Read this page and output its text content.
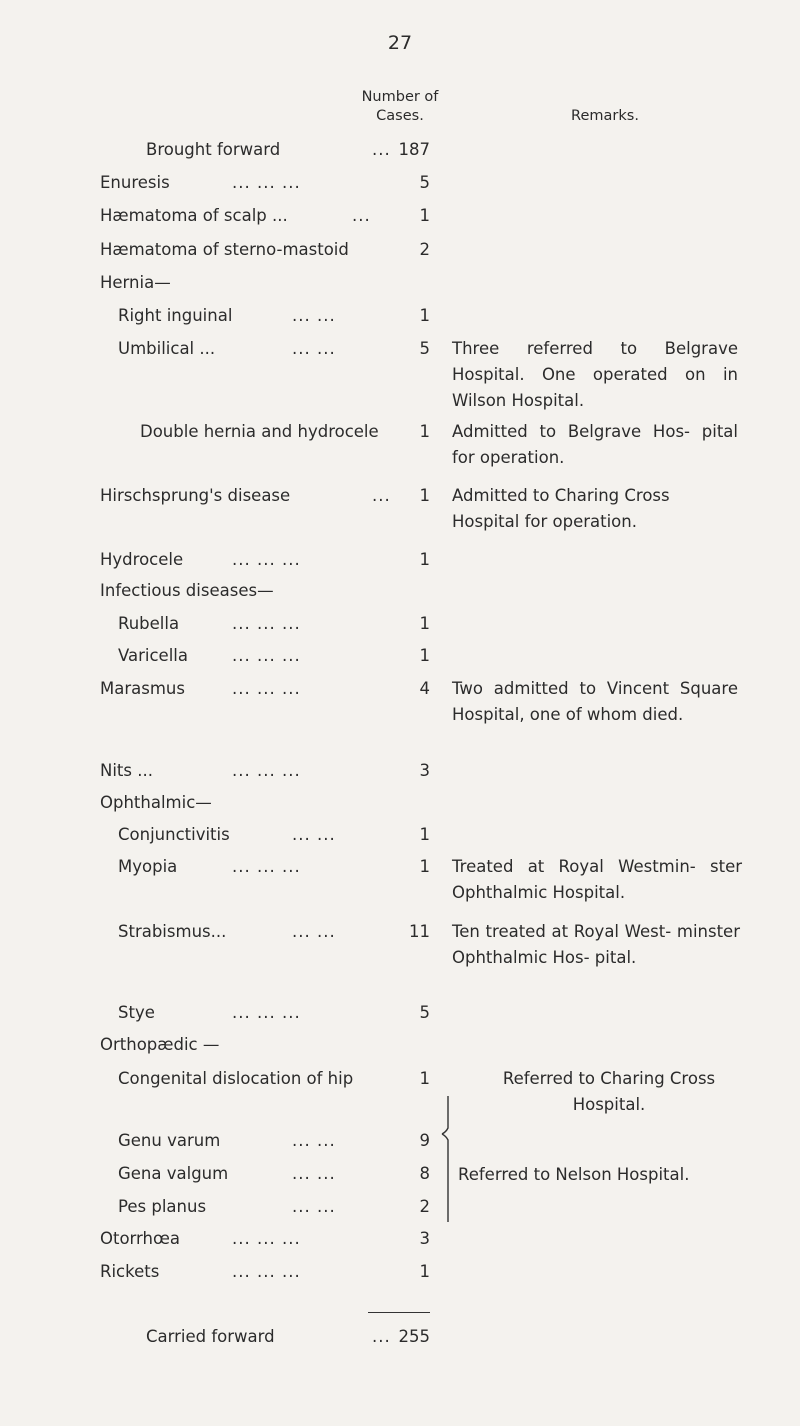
27
Number of
Cases.	Remarks.
Brought forward	... 187
Enuresis	... ... ...	5
Hæmatoma of scalp ...	...	1
Hæmatoma of sterno-mastoid	2
Hernia—
Right inguinal	... ...	1
Umbilical ...	... ...	5 Three referred to Belgrave Hospital. One operated on in Wilson Hospital.
Double hernia and hydrocele 1 Admitted to Belgrave Hos- pital for operation.
Hirschsprung's disease	... 1 Admitted to Charing Cross Hospital for operation.
Hydrocele	... ... ...	1
Infectious diseases—
Rubella	... ... ...	1
Varicella	... ... ...	1
Marasmus	... ... ...	4 Two admitted to Vincent Square Hospital, one of whom died.
Nits ...	... ... ...	3
Ophthalmic—
Conjunctivitis	... ...	1
Myopia	... ... ...	1 Treated at Royal Westmin- ster Ophthalmic Hospital.
Strabismus...	... ...	11 Ten treated at Royal West- minster Ophthalmic Hos- pital.
Stye	... ... ...	5
Orthopædic —
Congenital dislocation of hip	1	Referred to Charing Cross Hospital.
Genu varum	... ...	9
Gena valgum	... ...	8
Pes planus	... ...	2
Referred to Nelson Hospital.
Otorrhœa	... ... ...	3
Rickets	... ... ...	1
Carried forward	... 255
